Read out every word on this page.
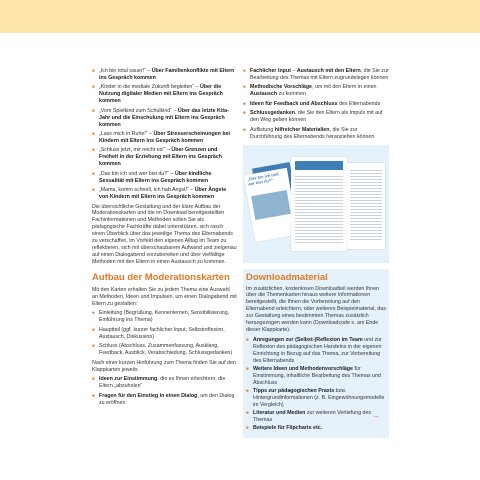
■ „Ich bin total sauer!“ – Über Familienkonflikte mit Eltern ins Gespräch kommen
■ „Kinder in die mediale Zukunft begleiten“ – Über die Nutzung digitaler Medien mit Eltern ins Gespräch kommen
■ „Vom Spielkind zum Schulkind“ – Über das letzte Kita-Jahr und die Einschulung mit Eltern ins Gespräch kommen
■ „Lass mich in Ruhe!“ – Über Stresserscheinungen bei Kindern mit Eltern ins Gespräch kommen
■ „Schluss jetzt, mir reicht es!“ – Über Grenzen und Freiheit in der Erziehung mit Eltern ins Gespräch kommen
■ „Das bin ich und wer bist du?“ – Über kindliche Sexualität mit Eltern ins Gespräch kommen
■ „Mama, komm schnell, ich hab Angst!“ – Über Ängste von Kindern mit Eltern ins Gespräch kommen

Die übersichtliche Gestaltung und der klare Aufbau der Moderationskarten und die im Download bereitgestellten Fachinformationen und Methoden sollen Sie als pädagogische Fachkräfte dabei unterstützen, sich rasch einen Überblick über das jeweilige Thema des Elternabends zu verschaffen, im Vorfeld den eigenen Alltag im Team zu reflektieren, sich mit überschaubarem Aufwand und zielgenau auf einen Dialogabend vorzubereiten und über vielfältige Methoden mit den Eltern in einen Austausch zu kommen.

Aufbau der Moderationskarten

Mit den Karten erhalten Sie zu jedem Thema eine Auswahl an Methoden, Ideen und Impulsen, um einen Dialogabend mit Eltern zu gestalten:

■ Einleitung (Begrüßung, Kennenlernen, Sensibilisierung, Einführung ins Thema)
■ Hauptteil (ggf. kurzer fachlicher Input, Selbstreflexion, Austausch, Diskussion)
■ Schluss (Abschluss, Zusammenfassung, Ausklang, Feedback, Ausblick, Verabschiedung, Schlussgedanken)

Nach einer kurzen Hinführung zum Thema finden Sie auf den Klappkarten jeweils

■ Ideen zur Einstimmung, die es Ihnen erleichtern, die Eltern „abzuholen“
■ Fragen für den Einstieg in einen Dialog, um den Dialog zu eröffnen
■ Fachlicher Input – Austausch mit den Eltern, die Sie zur Bearbeitung des Themas mit Eltern zugrundelegen können
■ Methodische Vorschläge, um mit den Eltern in einen Austausch zu kommen
■ Ideen für Feedback und Abschluss des Elternabends
■ Schlussgedanken, die Sie den Eltern als Impuls mit auf den Weg geben können
■ Auflistung hilfreicher Materialien, die Sie zur Durchführung des Elternabends heranziehen können
„Das bin ich und wer bist du?“
Downloadmaterial

Im zusätzlichen, kostenlosen Downloadteil werden Ihnen über die Themenkarten hinaus weitere Informationen bereitgestellt, die Ihnen die Vorbereitung auf den Elternabend erleichtern, oder weiteres Beispielmaterial, das zur Gestaltung eines bestimmten Themas zusätzlich herangezogen werden kann (Downloadcode s. am Ende dieser Klappkarte).

■ Anregungen zur (Selbst-)Reflexion im Team und zur Reflexion des pädagogischen Handelns in der eigenen Einrichtung in Bezug auf das Thema, zur Vorbereitung des Elternabends
■ Weitere Ideen und Methodenvorschläge für Einstimmung, inhaltliche Bearbeitung des Themas und Abschluss
■ Tipps zur pädagogischen Praxis bzw. Hintergrundinformationen (z. B. Eingewöhnungsmodelle im Vergleich)
■ Literatur und Medien zur weiteren Vertiefung des Themas
■ Beispiele für Flipcharts etc.
→
